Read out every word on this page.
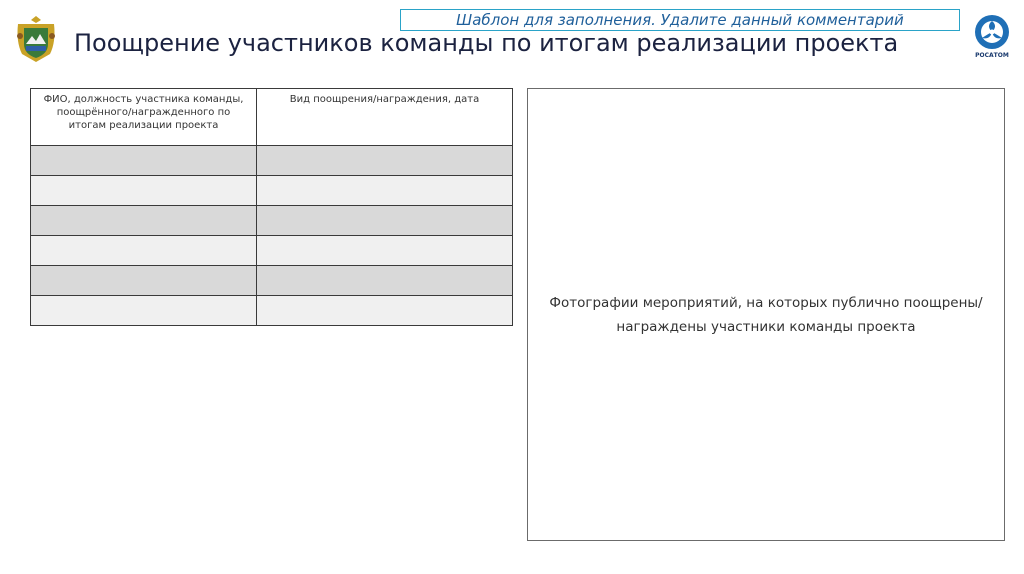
Шаблон для заполнения. Удалите данный комментарий
Поощрение участников команды по итогам реализации проекта	РОСАТОМ
ФИО, должность участника команды, поощрённого/награжденного по итогам реализации проекта	Вид поощрения/награждения, дата

Фотографии мероприятий, на которых публично поощрены/награждены участники команды проекта
